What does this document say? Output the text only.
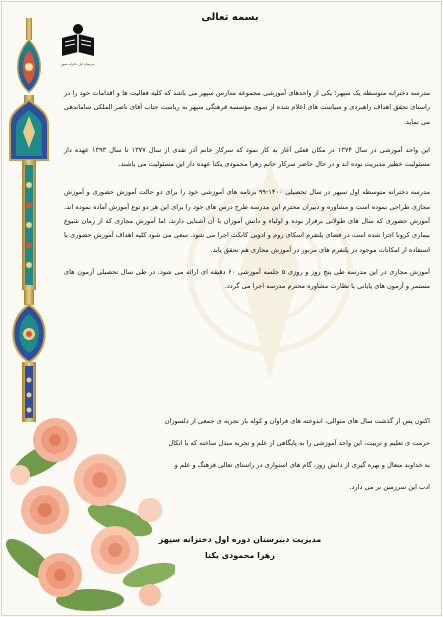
دبیرستان اول دخترانه سپهر
بسمه تعالی

مدرسه دخترانه متوسطه یک سپهر؛ یکی از واحدهای آموزشی مجموعه مدارس سپهر می باشد که کلیه فعالیت ها و اقدامات خود را در راستای تحقق اهداف راهبردی و سیاست های اعلام شده از سوی مؤسسه فرهنگی سپهر به ریاست جناب آقای ناصر الملکی ساماندهی می نماید.

این واحد آموزشی در سال ۱۳۷۴ در مکان فعلی آغاز به کار نمود که سرکار خانم آذر تقدی از سال ۱۳۷۷ تا سال ۱۳۹۳ عهده دار مسئولیت خطیر مدیریت بوده اند و در حال حاضر سرکار خانم زهرا محمودی یکتا عهده دار این مسئولیت می باشند.

مدرسه دخترانه متوسطه اول سپهر در سال تحصیلی ۱۴۰۰-۹۹ برنامه های آموزشی خود را برای دو حالت آموزش حضوری و آموزش مجازی طراحی نموده است و مشاوره و دبیران محترم این مدرسه طرح درس های خود را برای این هر دو نوع آموزش آماده نموده اند. آموزش حضوری که سال های طولانی برقرار بوده و اولیاء و دانش آموزان با آن آشنایی دارند، اما آموزش مجازی که از زمان شیوع بیماری کرونا اجرا شده است در فضای پلتفرم اسکای روم و ادوبی کانکت اجرا می شود. سعی می شود کلیه اهداف آموزش حضوری با استفاده از امکانات موجود در پلتفرم های مزبور در آموزش مجازی هم تحقق یابد.

آموزش مجازی در این مدرسه طی پنج روز و روزی ۵ جلسه آموزشی ۶۰ دقیقه ای ارائه می شود. در طی سال تحصیلی آزمون های مستمر و آزمون های پایانی با نظارت مشاوره محترم مدرسه اجرا می گردد.

اکنون پس از گذشت سال های متوالی، اندوخته های فراوان و کوله بار تجربه ی جمعی از دلسوزان

حرمت ی تعلیم و تربیت، این واحد آموزشی را به پایگاهی از علم و تجربه مبدل ساخته که با اتکال

به خداوند متعال و بهره گیری از دانش روز، گام های استواری در راستای تعالی فرهنگ و علم و

ادب این سرزمین بر می دارد.

مدیریت دبیرستان دوره اول دخترانه سپهر
زهرا محمودی یکتا
